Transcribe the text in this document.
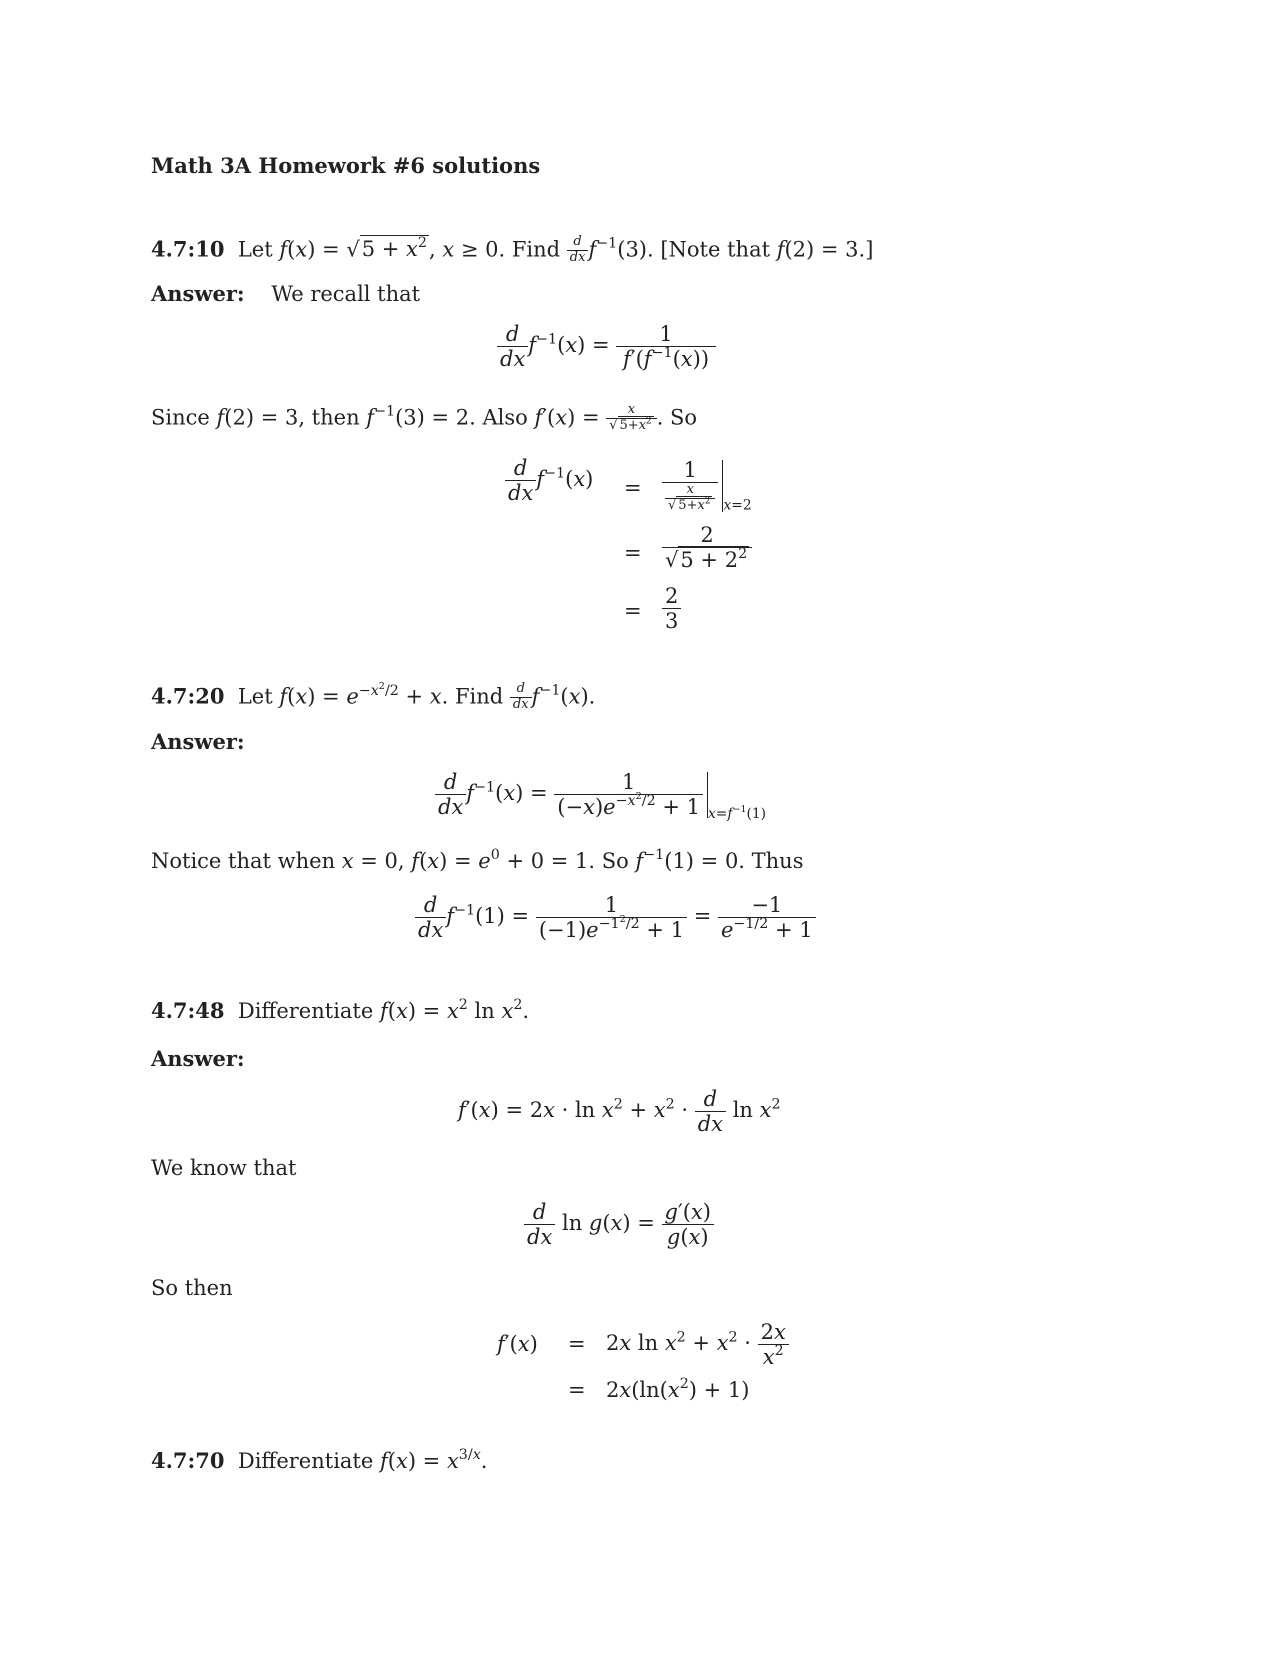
Math 3A Homework #6 solutions
4.7:10  Let $f(x) = √5 + x^2$, x ≥ 0. Find $\frac{d}{dx} f^{-1}(3)$. [Note that f(2) = 3.]
Answer: We recall that
$\frac{d}{dx} f^{-1}(x) = \frac{1}{f'(f^{-1}(x))}$
Since f(2) = 3, then $f^{-1}(3) = 2$. Also $f'(x) = \frac{x}{√ 5+x^2}$ . So
$\frac{d}{dx} f^{-1}(x) = \frac{1}{\frac{x}{√ 5+x^2}} _{x=2}$
= $\frac{2}{√5 + 2^2}$
= $\frac{2}{3}$
4.7:20  Let $f(x) = e^{-x^2/2} + x$. Find $\frac{d}{dx} f^{-1}(x)$.
Answer:
$\frac{d}{dx} f^{-1}(x) = \frac{1}{(-x)e^{-x^2/2} + 1} _{x=f^{-1}(1)}$
Notice that when x = 0, $f(x) = e^0 + 0 = 1$. So $f^{-1}(1) = 0$. Thus
$\frac{d}{dx} f^{-1}(1) = \frac{1}{(-1)e^{-1^2/2} + 1} = \frac{-1}{e^{-1/2} + 1}$
4.7:48  Differentiate $f(x) = x^2$ $\ln x^2$.
Answer:
$f'(x) = 2x \cdot \ln x^2 + x^2 \cdot \frac{d}{dx}$ $\ln x^2$
We know that
$\frac{d}{dx}$ $\ln g(x) = \frac{g'(x)}{g(x)}$
So then
f′(x) = 2x $\ln x^2 + x^2 \cdot \frac{2x}{x^2}$
= $2x(\ln(x^2) + 1)$
4.7:70  Differentiate $f(x) = x^{3/x}$.
